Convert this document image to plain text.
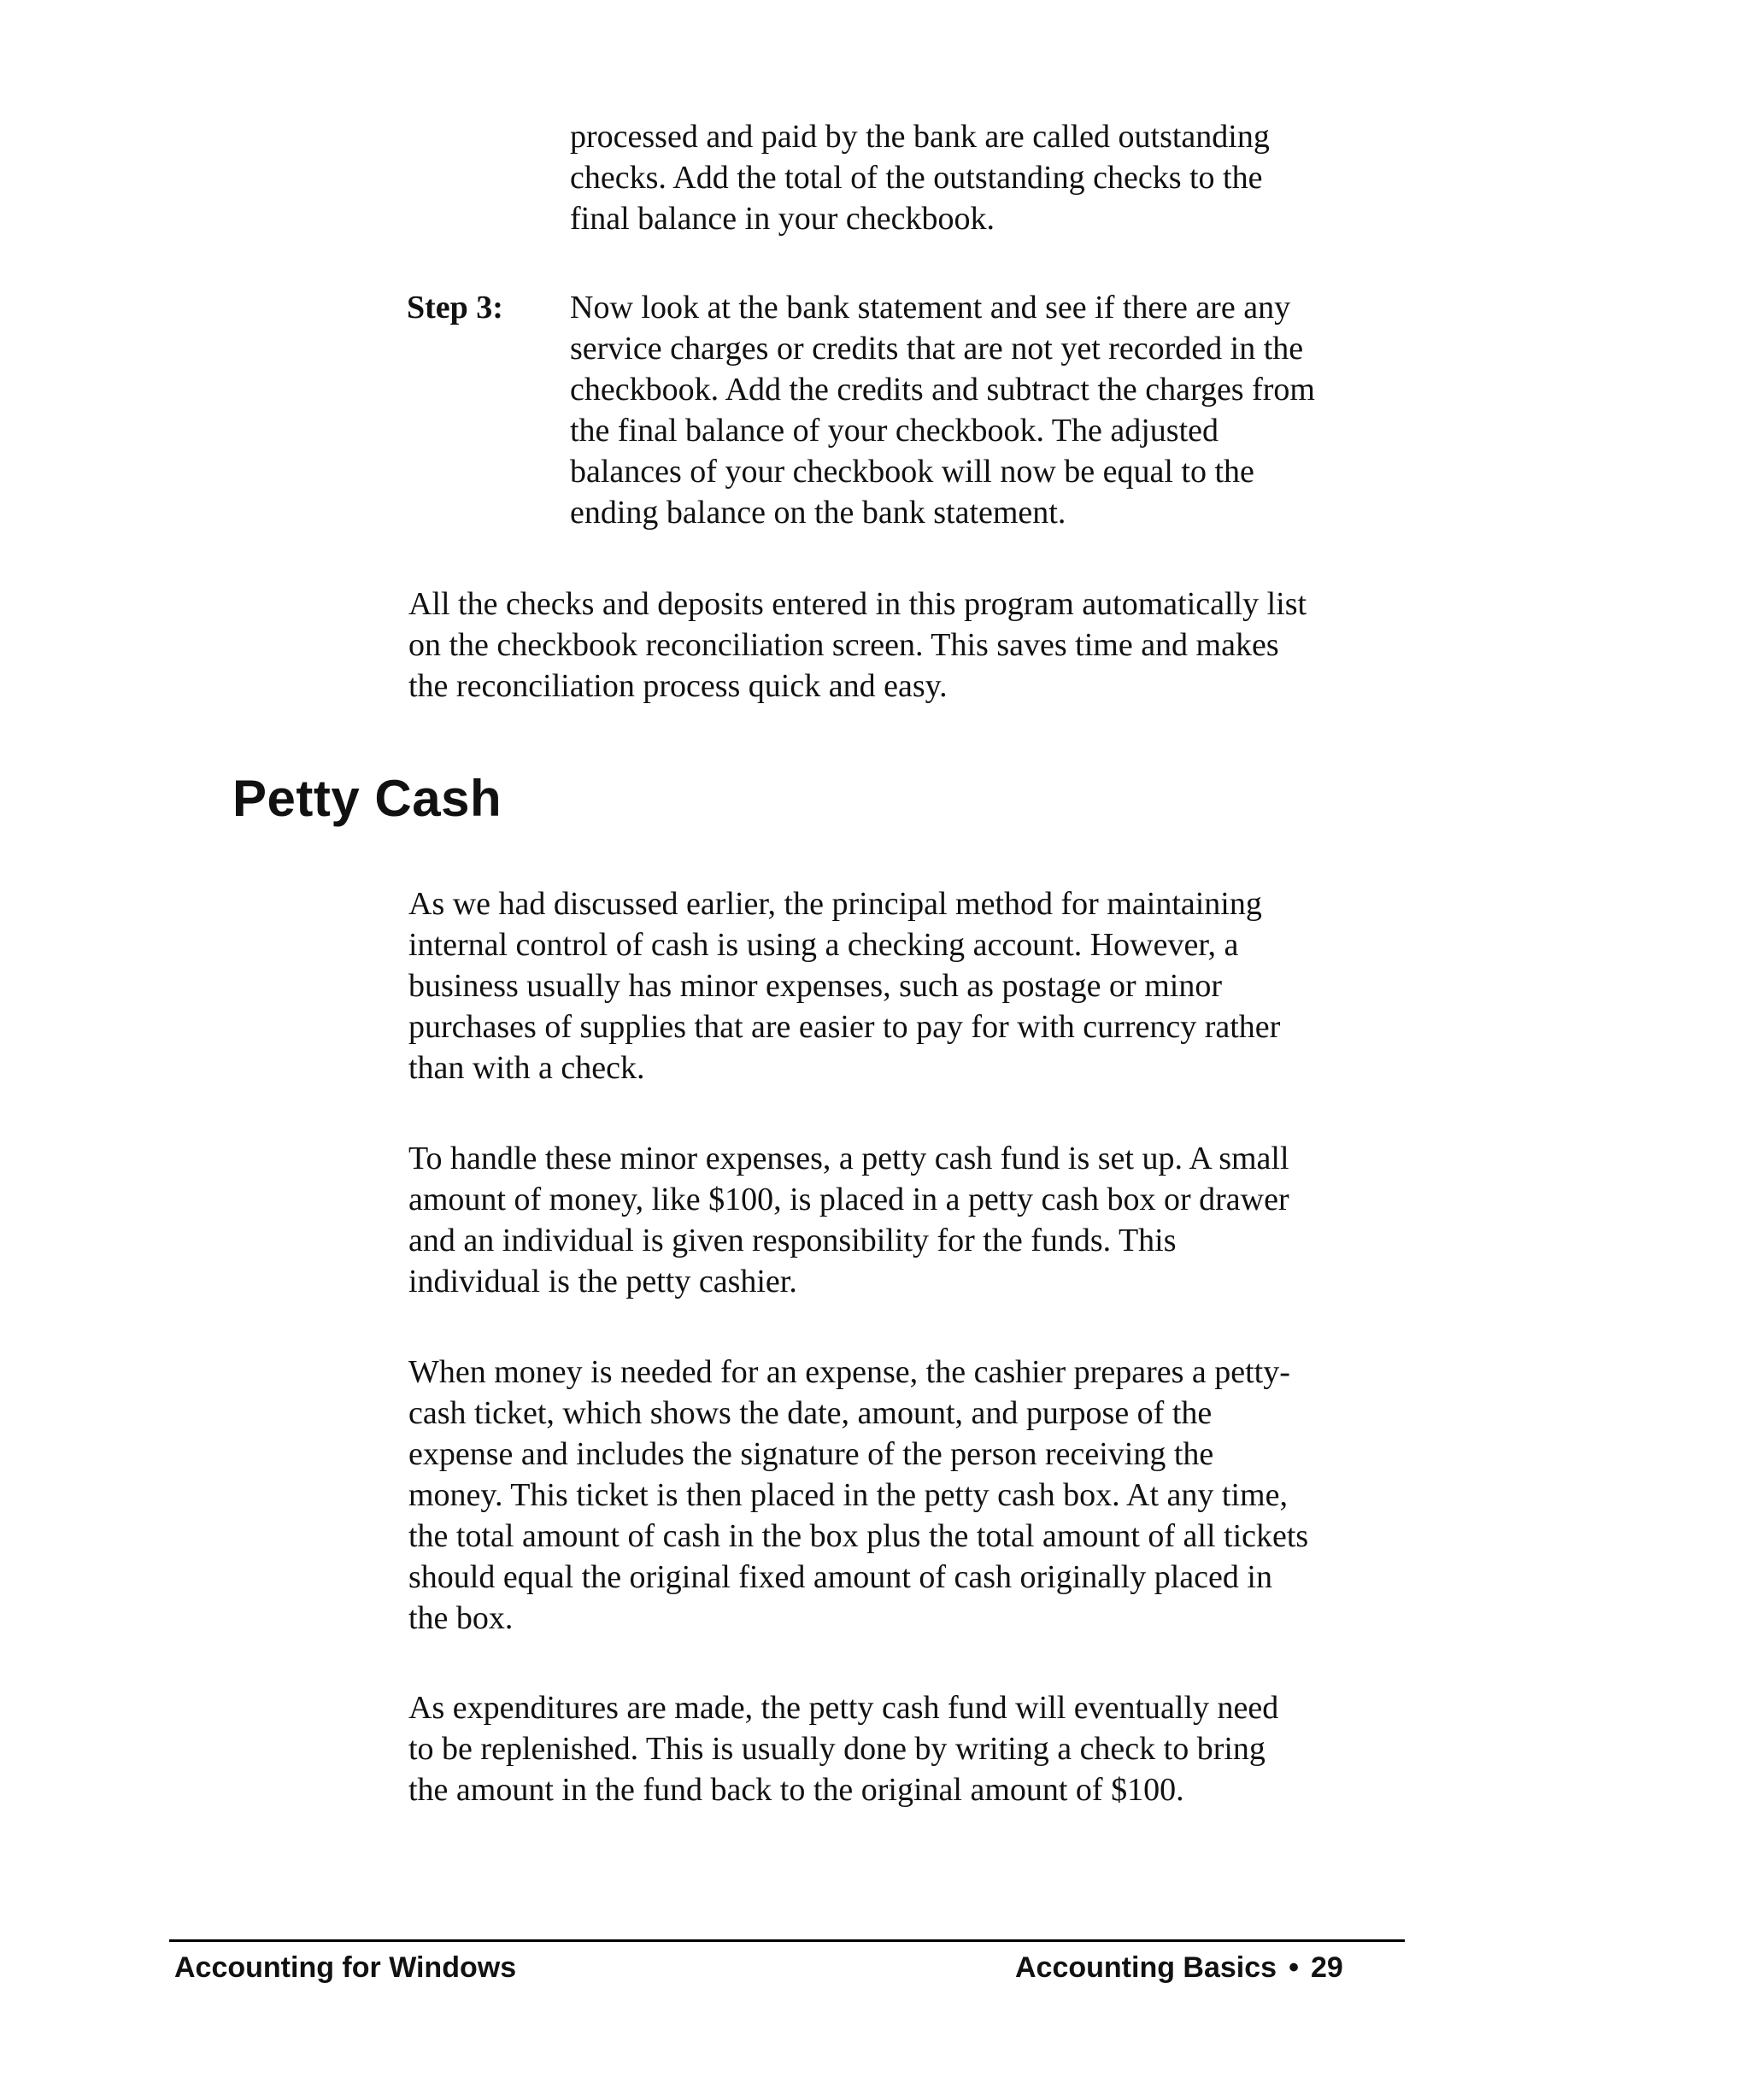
processed and paid by the bank are called outstanding
checks. Add the total of the outstanding checks to the
final balance in your checkbook.
Step 3: Now look at the bank statement and see if there are any
service charges or credits that are not yet recorded in the
checkbook. Add the credits and subtract the charges from
the final balance of your checkbook. The adjusted
balances of your checkbook will now be equal to the
ending balance on the bank statement.
All the checks and deposits entered in this program automatically list
on the checkbook reconciliation screen. This saves time and makes
the reconciliation process quick and easy.
Petty Cash
As we had discussed earlier, the principal method for maintaining
internal control of cash is using a checking account. However, a
business usually has minor expenses, such as postage or minor
purchases of supplies that are easier to pay for with currency rather
than with a check.
To handle these minor expenses, a petty cash fund is set up. A small
amount of money, like $100, is placed in a petty cash box or drawer
and an individual is given responsibility for the funds. This
individual is the petty cashier.
When money is needed for an expense, the cashier prepares a petty-
cash ticket, which shows the date, amount, and purpose of the
expense and includes the signature of the person receiving the
money. This ticket is then placed in the petty cash box. At any time,
the total amount of cash in the box plus the total amount of all tickets
should equal the original fixed amount of cash originally placed in
the box.
As expenditures are made, the petty cash fund will eventually need
to be replenished. This is usually done by writing a check to bring
the amount in the fund back to the original amount of $100.
Accounting for Windows	Accounting Basics • 29
